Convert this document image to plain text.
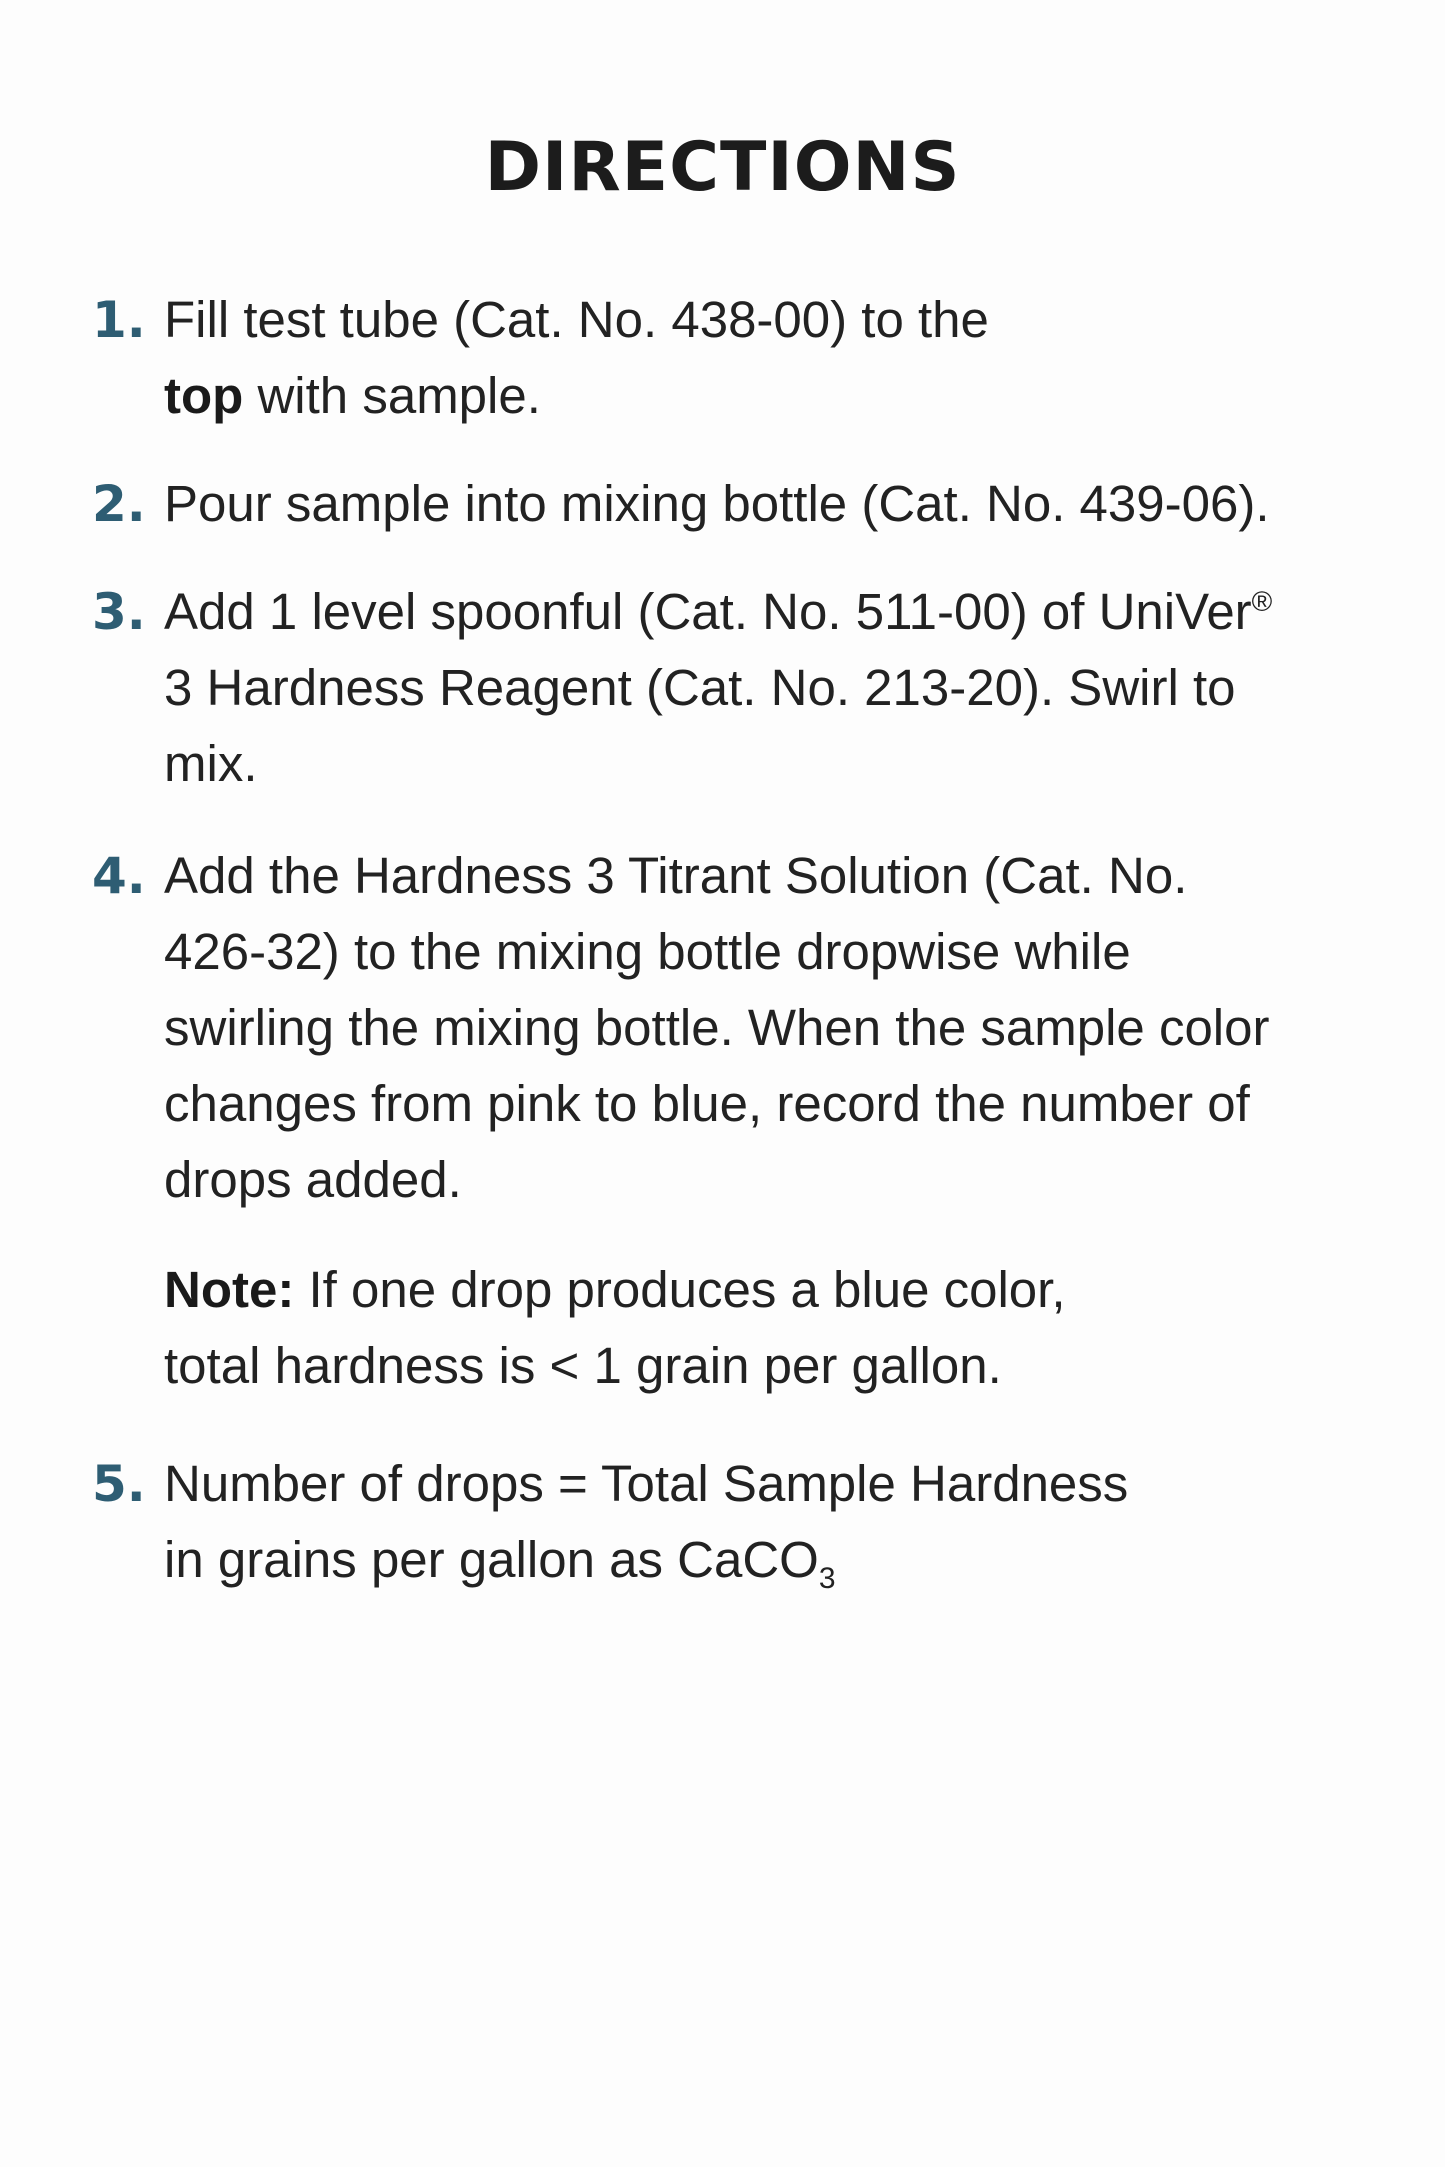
DIRECTIONS
1. Fill test tube (Cat. No. 438-00) to the
top with sample.
2. Pour sample into mixing bottle (Cat. No. 439-06).
3. Add 1 level spoonful (Cat. No. 511-00) of UniVer®
3 Hardness Reagent (Cat. No. 213-20). Swirl to
mix.
4. Add the Hardness 3 Titrant Solution (Cat. No.
426-32) to the mixing bottle dropwise while
swirling the mixing bottle. When the sample color
changes from pink to blue, record the number of
drops added.
Note: If one drop produces a blue color,
total hardness is < 1 grain per gallon.
5. Number of drops = Total Sample Hardness
in grains per gallon as CaCO$_3$
